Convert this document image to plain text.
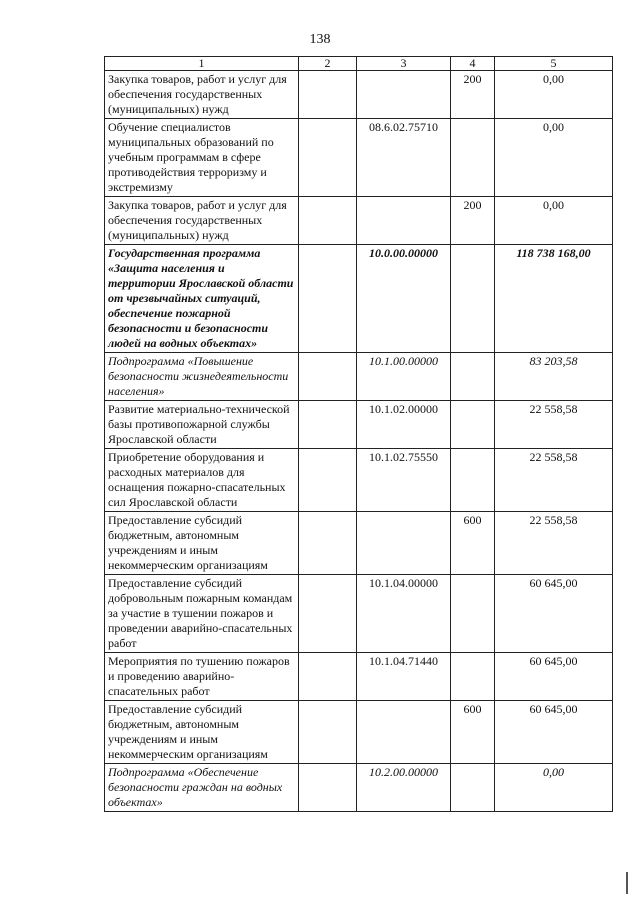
138
1	2	3	4	5
Закупка товаров, работ и услуг для обеспечения государственных (муниципальных) нужд			200	0,00
Обучение специалистов муниципальных образований по учебным программам в сфере противодействия терроризму и экстремизму		08.6.02.75710		0,00
Закупка товаров, работ и услуг для обеспечения государственных (муниципальных) нужд			200	0,00
Государственная программа «Защита населения и территории Ярославской области от чрезвычайных ситуаций, обеспечение пожарной безопасности и безопасности людей на водных объектах»		10.0.00.00000		118 738 168,00
Подпрограмма «Повышение безопасности жизнедеятельности населения»		10.1.00.00000		83 203,58
Развитие материально-технической базы противопожарной службы Ярославской области		10.1.02.00000		22 558,58
Приобретение оборудования и расходных материалов для оснащения пожарно-спасательных сил Ярославской области		10.1.02.75550		22 558,58
Предоставление субсидий бюджетным, автономным учреждениям и иным некоммерческим организациям			600	22 558,58
Предоставление субсидий добровольным пожарным командам за участие в тушении пожаров и проведении аварийно-спасательных работ		10.1.04.00000		60 645,00
Мероприятия по тушению пожаров и проведению аварийно-спасательных работ		10.1.04.71440		60 645,00
Предоставление субсидий бюджетным, автономным учреждениям и иным некоммерческим организациям			600	60 645,00
Подпрограмма «Обеспечение безопасности граждан на водных объектах»		10.2.00.00000		0,00
